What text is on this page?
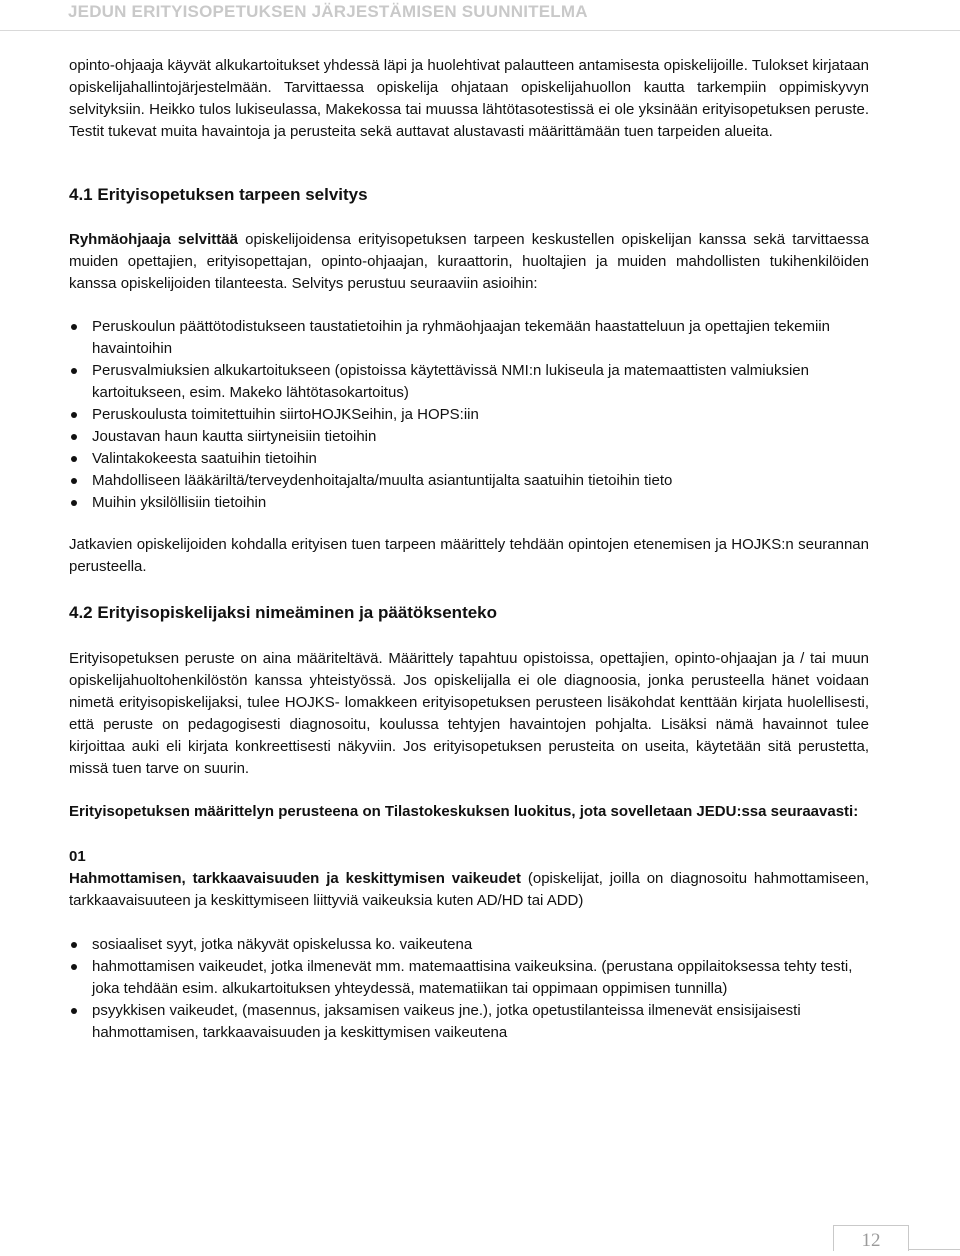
JEDUN ERITYISOPETUKSEN JÄRJESTÄMISEN SUUNNITELMA

opinto-ohjaaja käyvät alkukartoitukset yhdessä läpi ja huolehtivat palautteen antamisesta opiskelijoille. Tulokset kirjataan opiskelijahallintojärjestelmään. Tarvittaessa opiskelija ohjataan opiskelijahuollon kautta tarkempiin oppimiskyvyn selvityksiin. Heikko tulos lukiseulassa, Makekossa tai muussa lähtötasotestissä ei ole yksinään erityisopetuksen peruste. Testit tukevat muita havaintoja ja perusteita sekä auttavat alustavasti määrittämään tuen tarpeiden alueita.

4.1 Erityisopetuksen tarpeen selvitys

Ryhmäohjaaja selvittää opiskelijoidensa erityisopetuksen tarpeen keskustellen opiskelijan kanssa sekä tarvittaessa muiden opettajien, erityisopettajan, opinto-ohjaajan, kuraattorin, huoltajien ja muiden mahdollisten tukihenkilöiden kanssa opiskelijoiden tilanteesta. Selvitys perustuu seuraaviin asioihin:

Peruskoulun päättötodistukseen taustatietoihin ja ryhmäohjaajan tekemään haastatteluun ja opettajien tekemiin havaintoihin
Perusvalmiuksien alkukartoitukseen (opistoissa käytettävissä NMI:n lukiseula ja matemaattisten valmiuksien kartoitukseen, esim. Makeko lähtötasokartoitus)
Peruskoulusta toimitettuihin siirtoHOJKSeihin, ja HOPS:iin
Joustavan haun kautta siirtyneisiin tietoihin
Valintakokeesta saatuihin tietoihin
Mahdolliseen lääkäriltä/terveydenhoitajalta/muulta asiantuntijalta saatuihin tietoihin tieto
Muihin yksilöllisiin tietoihin

Jatkavien opiskelijoiden kohdalla erityisen tuen tarpeen määrittely tehdään opintojen etenemisen ja HOJKS:n seurannan perusteella.

4.2 Erityisopiskelijaksi nimeäminen ja päätöksenteko

Erityisopetuksen peruste on aina määriteltävä. Määrittely tapahtuu opistoissa, opettajien, opinto-ohjaajan ja / tai muun opiskelijahuoltohenkilöstön kanssa yhteistyössä. Jos opiskelijalla ei ole diagnoosia, jonka perusteella hänet voidaan nimetä erityisopiskelijaksi, tulee HOJKS- lomakkeen erityisopetuksen perusteen lisäkohdat kenttään kirjata huolellisesti, että peruste on pedagogisesti diagnosoitu, koulussa tehtyjen havaintojen pohjalta. Lisäksi nämä havainnot tulee kirjoittaa auki eli kirjata konkreettisesti näkyviin. Jos erityisopetuksen perusteita on useita, käytetään sitä perustetta, missä tuen tarve on suurin.

Erityisopetuksen määrittelyn perusteena on Tilastokeskuksen luokitus, jota sovelletaan JEDU:ssa seuraavasti:

01

Hahmottamisen, tarkkaavaisuuden ja keskittymisen vaikeudet (opiskelijat, joilla on diagnosoitu hahmottamiseen, tarkkaavaisuuteen ja keskittymiseen liittyviä vaikeuksia kuten AD/HD tai ADD)

sosiaaliset syyt, jotka näkyvät opiskelussa ko. vaikeutena
hahmottamisen vaikeudet, jotka ilmenevät mm. matemaattisina vaikeuksina. (perustana oppilaitoksessa tehty testi, joka tehdään esim. alkukartoituksen yhteydessä, matematiikan tai oppimaan oppimisen tunnilla)
psyykkisen vaikeudet, (masennus, jaksamisen vaikeus jne.), jotka opetustilanteissa ilmenevät ensisijaisesti hahmottamisen, tarkkaavaisuuden ja keskittymisen vaikeutena
12
